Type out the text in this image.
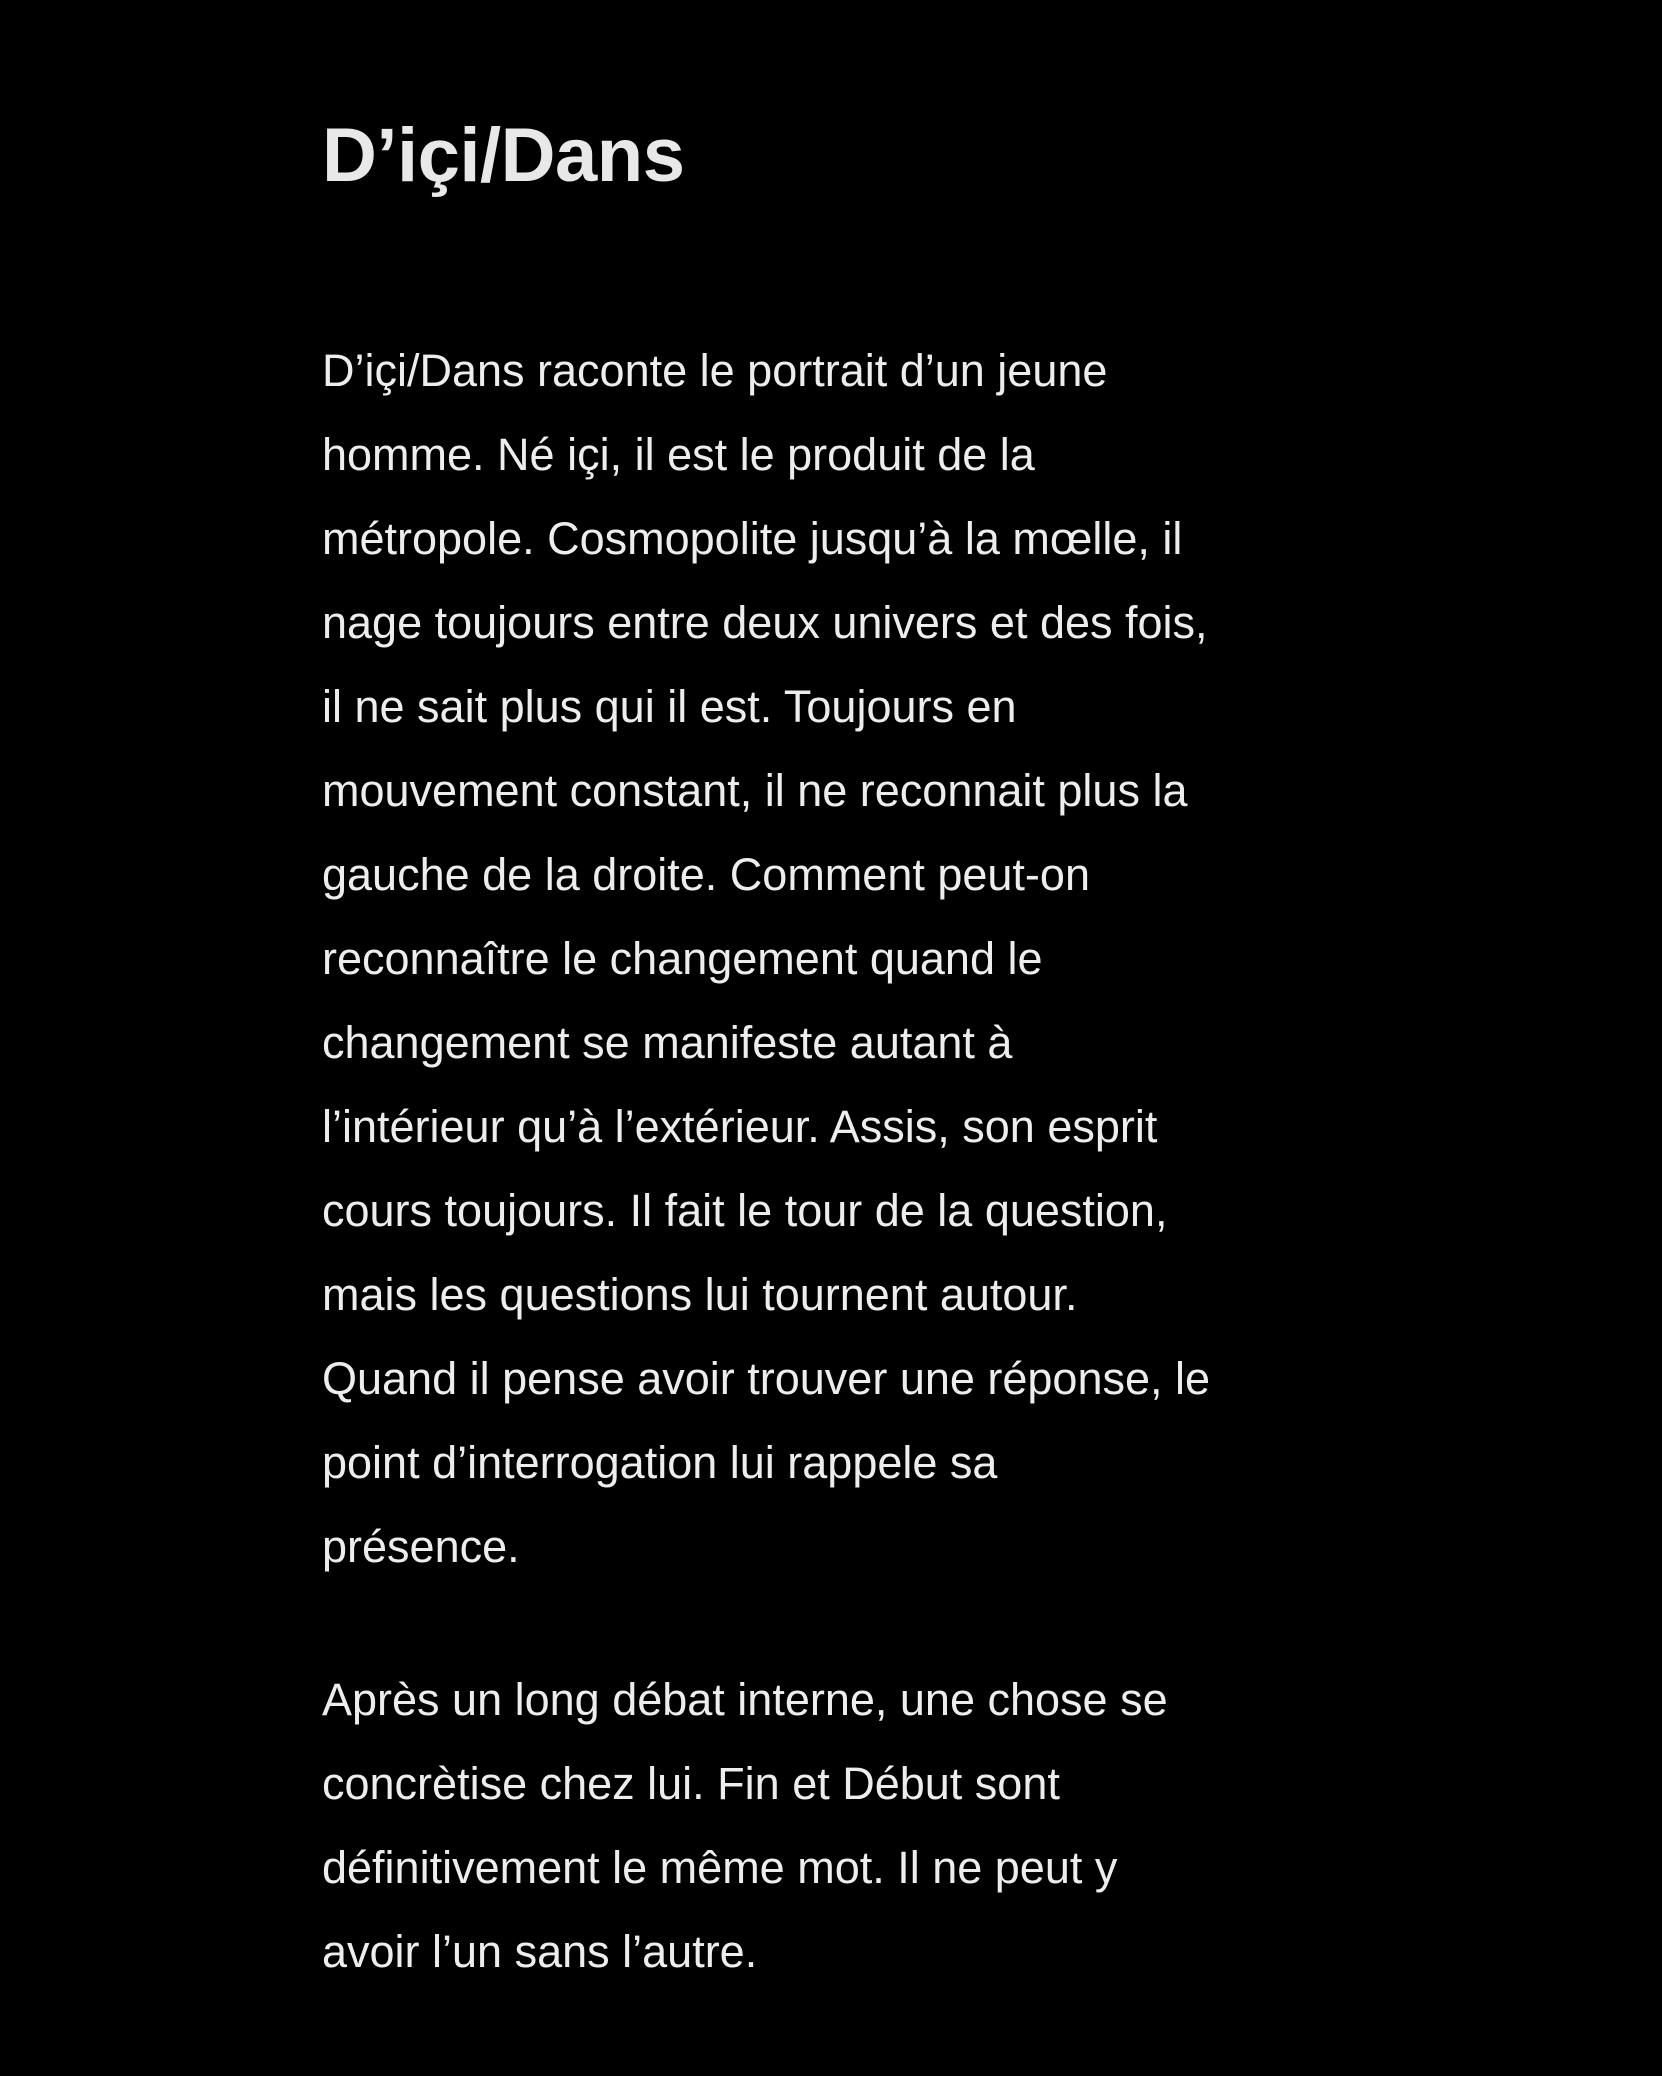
D’içi/Dans

D’içi/Dans raconte le portrait d’un jeune
homme. Né içi, il est le produit de la
métropole. Cosmopolite jusqu’à la mœlle, il
nage toujours entre deux univers et des fois,
il ne sait plus qui il est. Toujours en
mouvement constant, il ne reconnait plus la
gauche de la droite. Comment peut-on
reconnaître le changement quand le
changement se manifeste autant à
l’intérieur qu’à l’extérieur. Assis, son esprit
cours toujours. Il fait le tour de la question,
mais les questions lui tournent autour.
Quand il pense avoir trouver une réponse, le
point d’interrogation lui rappele sa
présence.

Après un long débat interne, une chose se
concrètise chez lui. Fin et Début sont
définitivement le même mot. Il ne peut y
avoir l’un sans l’autre.
